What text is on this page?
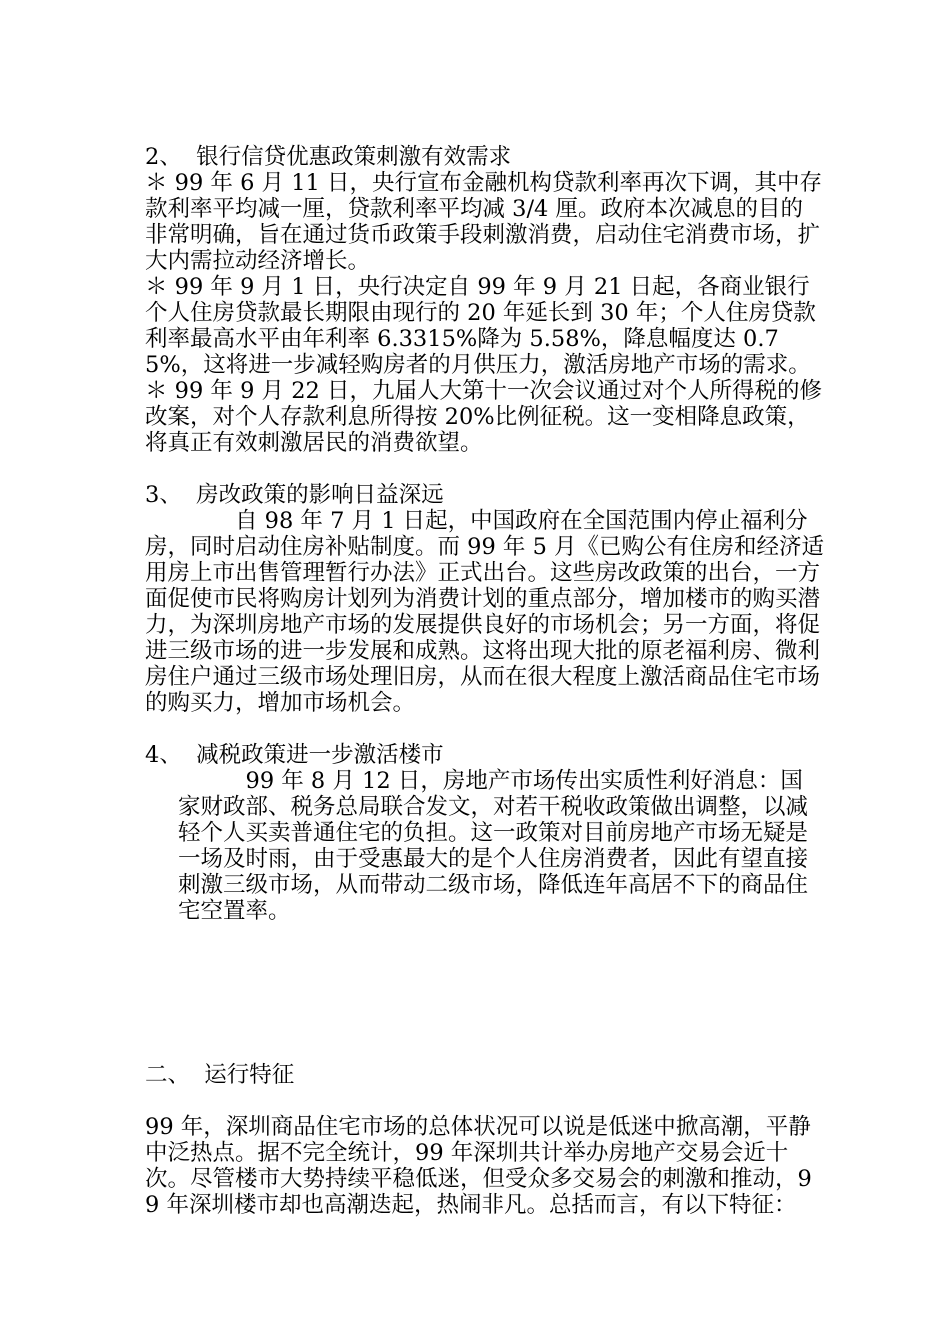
2、  银行信贷优惠政策刺激有效需求
＊ 99 年 6 月 11 日，央行宣布金融机构贷款利率再次下调，其中存款利率平均减一厘，贷款利率平均减 3/4 厘。政府本次减息的目的非常明确，旨在通过货币政策手段刺激消费，启动住宅消费市场，扩大内需拉动经济增长。
＊ 99 年 9 月 1 日，央行决定自 99 年 9 月 21 日起，各商业银行个人住房贷款最长期限由现行的 20 年延长到 30 年；个人住房贷款利率最高水平由年利率 6.3315%降为 5.58%，降息幅度达 0.75%，这将进一步减轻购房者的月供压力，激活房地产市场的需求。
＊ 99 年 9 月 22 日，九届人大第十一次会议通过对个人所得税的修改案，对个人存款利息所得按 20%比例征税。这一变相降息政策，将真正有效刺激居民的消费欲望。
3、  房改政策的影响日益深远
　　　　自 98 年 7 月 1 日起，中国政府在全国范围内停止福利分房，同时启动住房补贴制度。而 99 年 5 月《已购公有住房和经济适用房上市出售管理暂行办法》正式出台。这些房改政策的出台，一方面促使市民将购房计划列为消费计划的重点部分，增加楼市的购买潜力，为深圳房地产市场的发展提供良好的市场机会；另一方面，将促进三级市场的进一步发展和成熟。这将出现大批的原老福利房、微利房住户通过三级市场处理旧房，从而在很大程度上激活商品住宅市场的购买力，增加市场机会。
4、  减税政策进一步激活楼市
　　　99 年 8 月 12 日，房地产市场传出实质性利好消息：国家财政部、税务总局联合发文，对若干税收政策做出调整，以减轻个人买卖普通住宅的负担。这一政策对目前房地产市场无疑是一场及时雨，由于受惠最大的是个人住房消费者，因此有望直接刺激三级市场，从而带动二级市场，降低连年高居不下的商品住宅空置率。
二、  运行特征
99 年，深圳商品住宅市场的总体状况可以说是低迷中掀高潮，平静中泛热点。据不完全统计，99 年深圳共计举办房地产交易会近十次。尽管楼市大势持续平稳低迷，但受众多交易会的刺激和推动，99 年深圳楼市却也高潮迭起，热闹非凡。总括而言，有以下特征：
